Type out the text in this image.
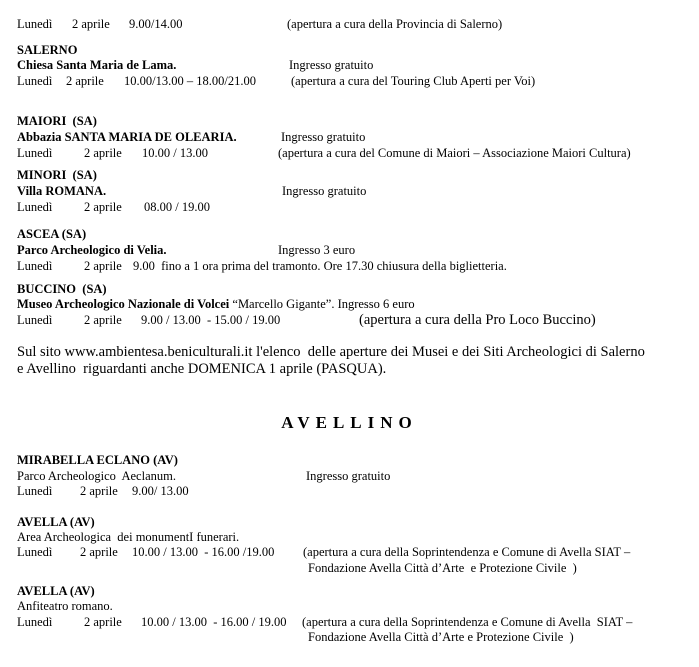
Lunedì 2 aprile 9.00/14.00	(apertura a cura della Provincia di Salerno)
SALERNO
Chiesa Santa Maria de Lama.	Ingresso gratuito
Lunedì 2 aprile 10.00/13.00 – 18.00/21.00	(apertura a cura del Touring Club Aperti per Voi)
MAIORI  (SA)
Abbazia SANTA MARIA DE OLEARIA.	Ingresso gratuito
Lunedì	2 aprile 10.00 / 13.00	(apertura a cura del Comune di Maiori – Associazione Maiori Cultura)
MINORI  (SA)
Villa ROMANA.	Ingresso gratuito
Lunedì	2 aprile 08.00 / 19.00
ASCEA (SA)
Parco Archeologico di Velia.	Ingresso 3 euro
Lunedì	2 aprile 9.00  fino a 1 ora prima del tramonto. Ore 17.30 chiusura della biglietteria.
BUCCINO  (SA)
Museo Archeologico Nazionale di Volcei “Marcello Gigante”. Ingresso 6 euro
Lunedì	2 aprile 9.00 / 13.00  - 15.00 / 19.00	(apertura a cura della Pro Loco Buccino)
Sul sito www.ambientesa.beniculturali.it l'elenco  delle aperture dei Musei e dei Siti Archeologici di Salerno
e Avellino  riguardanti anche DOMENICA 1 aprile (PASQUA).
AVELLINO
MIRABELLA ECLANO (AV)
Parco Archeologico  Aeclanum.	Ingresso gratuito
Lunedì 2 aprile 9.00/ 13.00
AVELLA (AV)
Area Archeologica  dei monumentI funerari.
Lunedì 2 aprile 10.00 / 13.00  - 16.00 /19.00 (apertura a cura della Soprintendenza e Comune di Avella SIAT –
Fondazione Avella Città d’Arte  e Protezione Civile  )
AVELLA (AV)
Anfiteatro romano.
Lunedì	2 aprile 10.00 / 13.00  - 16.00 / 19.00 (apertura a cura della Soprintendenza e Comune di Avella  SIAT –
Fondazione Avella Città d’Arte e Protezione Civile  )
